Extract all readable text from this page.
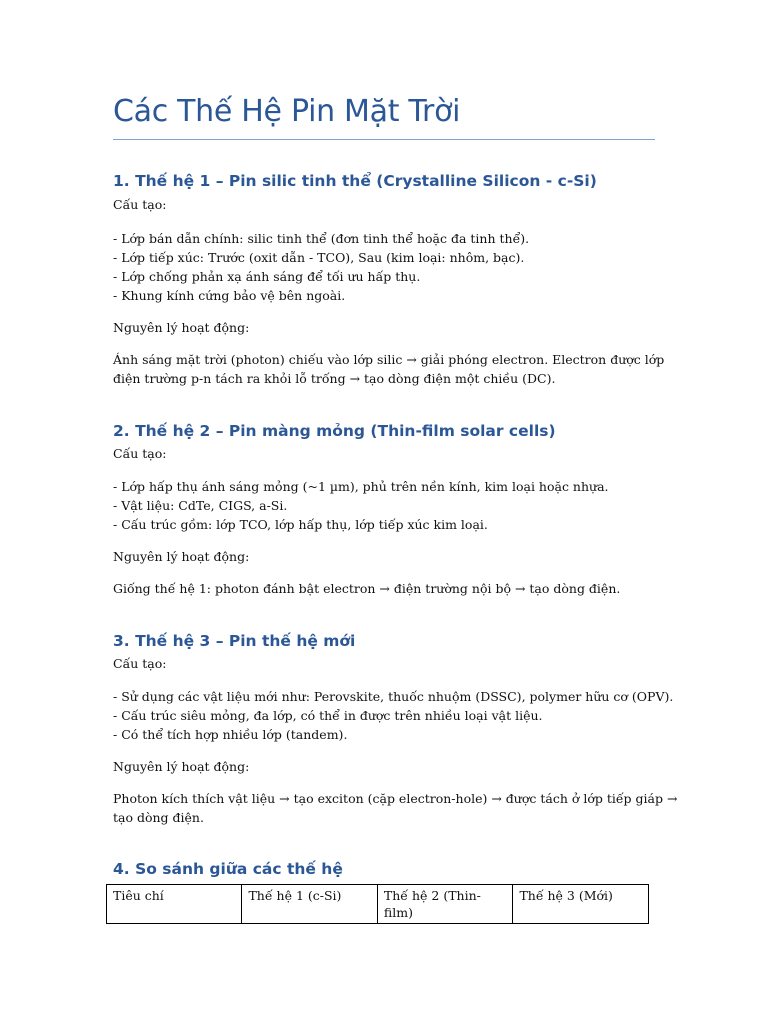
Các Thế Hệ Pin Mặt Trời
1. Thế hệ 1 – Pin silic tinh thể (Crystalline Silicon - c-Si)
Cấu tạo:
- Lớp bán dẫn chính: silic tinh thể (đơn tinh thể hoặc đa tinh thể).
- Lớp tiếp xúc: Trước (oxit dẫn - TCO), Sau (kim loại: nhôm, bạc).
- Lớp chống phản xạ ánh sáng để tối ưu hấp thụ.
- Khung kính cứng bảo vệ bên ngoài.
Nguyên lý hoạt động:
Ánh sáng mặt trời (photon) chiếu vào lớp silic → giải phóng electron. Electron được lớp
điện trường p-n tách ra khỏi lỗ trống → tạo dòng điện một chiều (DC).
2. Thế hệ 2 – Pin màng mỏng (Thin-film solar cells)
Cấu tạo:
- Lớp hấp thụ ánh sáng mỏng (~1 µm), phủ trên nền kính, kim loại hoặc nhựa.
- Vật liệu: CdTe, CIGS, a-Si.
- Cấu trúc gồm: lớp TCO, lớp hấp thụ, lớp tiếp xúc kim loại.
Nguyên lý hoạt động:
Giống thế hệ 1: photon đánh bật electron → điện trường nội bộ → tạo dòng điện.
3. Thế hệ 3 – Pin thế hệ mới
Cấu tạo:
- Sử dụng các vật liệu mới như: Perovskite, thuốc nhuộm (DSSC), polymer hữu cơ (OPV).
- Cấu trúc siêu mỏng, đa lớp, có thể in được trên nhiều loại vật liệu.
- Có thể tích hợp nhiều lớp (tandem).
Nguyên lý hoạt động:
Photon kích thích vật liệu → tạo exciton (cặp electron-hole) → được tách ở lớp tiếp giáp →
tạo dòng điện.
4. So sánh giữa các thế hệ
Tiêu chí	Thế hệ 1 (c-Si)	Thế hệ 2 (Thin-film)	Thế hệ 3 (Mới)
